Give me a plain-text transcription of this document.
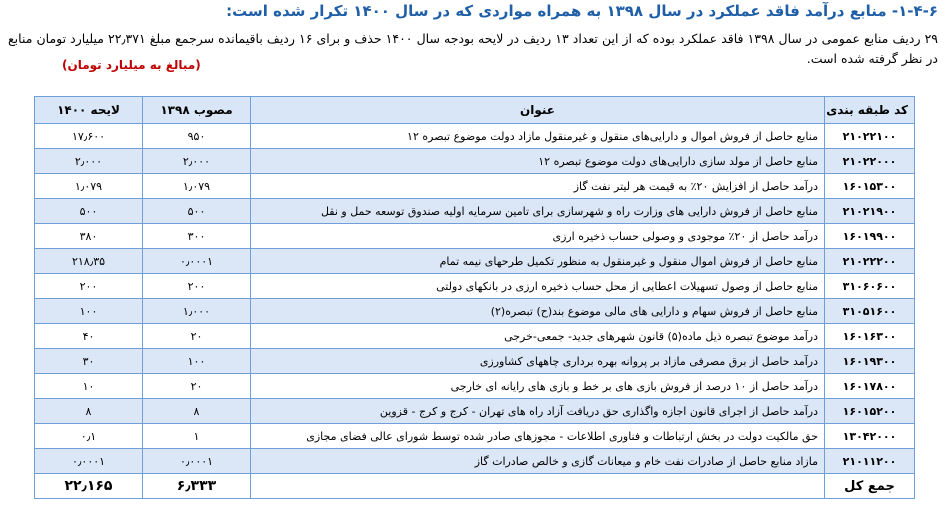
۱-۴-۶- منابع درآمد فاقد عملکرد در سال ۱۳۹۸ به همراه مواردی که در سال ۱۴۰۰ تکرار شده است:
۲۹ ردیف منابع عمومی در سال ۱۳۹۸ فاقد عملکرد بوده که از این تعداد ۱۳ ردیف در لایحه بودجه سال ۱۴۰۰ حذف و برای ۱۶ ردیف باقیمانده سرجمع مبلغ ۲۲٫۳۷۱ میلیارد تومان منابع در نظر گرفته شده است.
(مبالغ به میلیارد تومان)
کد طبقه بندی	عنوان	مصوب ۱۳۹۸	لایحه ۱۴۰۰
۲۱۰۲۲۱۰۰	منابع حاصل از فروش اموال و دارایی‌های منقول و غیرمنقول مازاد دولت موضوع تبصره ۱۲	۹۵۰	۱۷٫۶۰۰
۲۱۰۲۲۰۰۰	منابع حاصل از مولد سازی دارایی‌های دولت موضوع تبصره ۱۲	۲٫۰۰۰	۲٫۰۰۰
۱۶۰۱۵۳۰۰	درآمد حاصل از افزایش ۲۰٪ به قیمت هر لیتر نفت گاز	۱٫۰۷۹	۱٫۰۷۹
۲۱۰۲۱۹۰۰	منابع حاصل از فروش دارایی های وزارت راه و شهرسازی برای تامین سرمایه اولیه صندوق توسعه حمل و نقل	۵۰۰	۵۰۰
۱۶۰۱۹۹۰۰	درآمد حاصل از ۲۰٪ موجودی و وصولی حساب ذخیره ارزی	۳۰۰	۳۸۰
۲۱۰۲۲۲۰۰	منابع حاصل از فروش اموال منقول و غیرمنقول به منظور تکمیل طرحهای نیمه تمام	۰٫۰۰۰۱	۲۱۸٫۳۵
۳۱۰۶۰۶۰۰	منابع حاصل از وصول تسهیلات اعطایی از محل حساب ذخیره ارزی در بانکهای دولتی	۲۰۰	۲۰۰
۳۱۰۵۱۶۰۰	منابع حاصل از فروش سهام و دارایی های مالی موضوع بند(ح) تبصره(۲)	۱٫۰۰۰	۱۰۰
۱۶۰۱۶۳۰۰	درآمد موضوع تبصره ذیل ماده(۵) قانون شهرهای جدید- جمعی-خرجی	۲۰	۴۰
۱۶۰۱۹۳۰۰	درآمد حاصل از برق مصرفی مازاد بر پروانه بهره برداری چاههای کشاورزی	۱۰۰	۳۰
۱۶۰۱۷۸۰۰	درآمد حاصل از ۱۰ درصد از فروش بازی های بر خط و بازی های رایانه ای خارجی	۲۰	۱۰
۱۶۰۱۵۲۰۰	درآمد حاصل از اجرای قانون اجازه واگذاری حق دریافت آزاد راه های تهران - کرج و کرج - قزوین	۸	۸
۱۳۰۴۲۰۰۰	حق مالکیت دولت در بخش ارتباطات و فناوری اطلاعات - مجوزهای صادر شده توسط شورای عالی فضای مجازی	۱	۰٫۱
۲۱۰۱۱۲۰۰	مازاد منابع حاصل از صادرات نفت خام و میعانات گازی و خالص صادرات گاز	۰٫۰۰۰۱	۰٫۰۰۰۱
جمع کل		۶٫۳۳۳	۲۲٫۱۶۵
